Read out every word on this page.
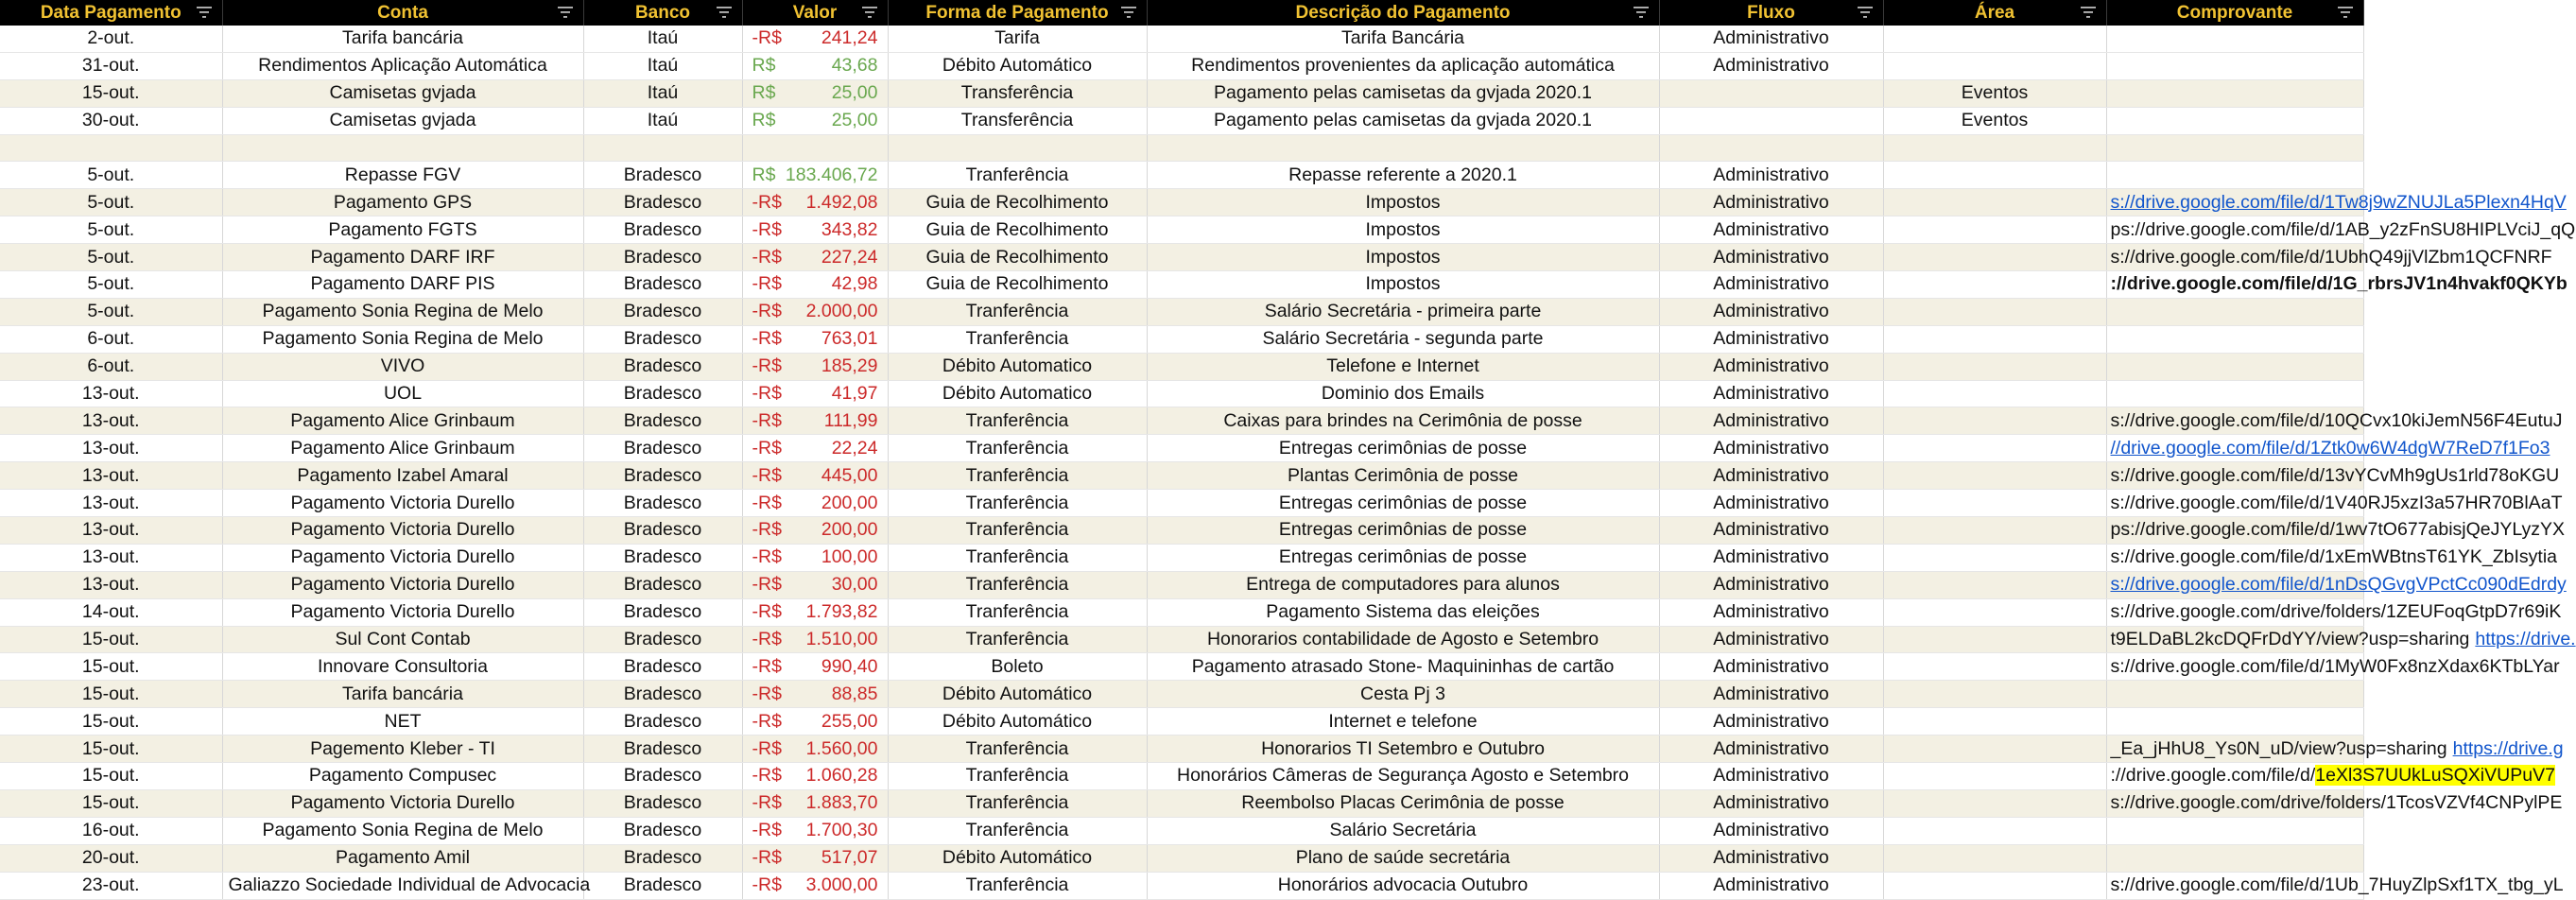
Data Pagamento	Conta	Banco	Valor	Forma de Pagamento	Descrição do Pagamento	Fluxo	Área	Comprovante

2-out.	Tarifa bancária	Itaú	-R$ 241,24	Tarifa	Tarifa Bancária	Administrativo		
31-out.	Rendimentos Aplicação Automática	Itaú	R$ 43,68	Débito Automático	Rendimentos provenientes da aplicação automática	Administrativo		
15-out.	Camisetas gvjada	Itaú	R$ 25,00	Transferência	Pagamento pelas camisetas da gvjada 2020.1		Eventos	
30-out.	Camisetas gvjada	Itaú	R$ 25,00	Transferência	Pagamento pelas camisetas da gvjada 2020.1		Eventos	

5-out.	Repasse FGV	Bradesco	R$ 183.406,72	Tranferência	Repasse referente a 2020.1	Administrativo		
5-out.	Pagamento GPS	Bradesco	-R$ 1.492,08	Guia de Recolhimento	Impostos	Administrativo		s://drive.google.com/file/d/1Tw8j9wZNUJLa5Plexn4HqV
5-out.	Pagamento FGTS	Bradesco	-R$ 343,82	Guia de Recolhimento	Impostos	Administrativo		ps://drive.google.com/file/d/1AB_y2zFnSU8HIPLVciJ_qQ
5-out.	Pagamento DARF IRF	Bradesco	-R$ 227,24	Guia de Recolhimento	Impostos	Administrativo		s://drive.google.com/file/d/1UbhQ49jjVlZbm1QCFNRF
5-out.	Pagamento DARF PIS	Bradesco	-R$ 42,98	Guia de Recolhimento	Impostos	Administrativo		://drive.google.com/file/d/1G_rbrsJV1n4hvakf0QKYb
5-out.	Pagamento Sonia Regina de Melo	Bradesco	-R$ 2.000,00	Tranferência	Salário Secretária - primeira parte	Administrativo		
6-out.	Pagamento Sonia Regina de Melo	Bradesco	-R$ 763,01	Tranferência	Salário Secretária - segunda parte	Administrativo		
6-out.	VIVO	Bradesco	-R$ 185,29	Débito Automatico	Telefone e Internet	Administrativo		
13-out.	UOL	Bradesco	-R$ 41,97	Débito Automatico	Dominio dos Emails	Administrativo		
13-out.	Pagamento Alice Grinbaum	Bradesco	-R$ 111,99	Tranferência	Caixas para brindes na Cerimônia de posse	Administrativo		s://drive.google.com/file/d/10QCvx10kiJemN56F4EutuJ
13-out.	Pagamento Alice Grinbaum	Bradesco	-R$ 22,24	Tranferência	Entregas cerimônias de posse	Administrativo		//drive.google.com/file/d/1Ztk0w6W4dgW7ReD7f1Fo3
13-out.	Pagamento Izabel Amaral	Bradesco	-R$ 445,00	Tranferência	Plantas Cerimônia de posse	Administrativo		s://drive.google.com/file/d/13vYCvMh9gUs1rld78oKGU
13-out.	Pagamento Victoria Durello	Bradesco	-R$ 200,00	Tranferência	Entregas cerimônias de posse	Administrativo		s://drive.google.com/file/d/1V40RJ5xzI3a57HR70BlAaT
13-out.	Pagamento Victoria Durello	Bradesco	-R$ 200,00	Tranferência	Entregas cerimônias de posse	Administrativo		ps://drive.google.com/file/d/1wv7tO677abisjQeJYLyzYX
13-out.	Pagamento Victoria Durello	Bradesco	-R$ 100,00	Tranferência	Entregas cerimônias de posse	Administrativo		s://drive.google.com/file/d/1xEmWBtnsT61YK_ZbIsytia
13-out.	Pagamento Victoria Durello	Bradesco	-R$ 30,00	Tranferência	Entrega de computadores para alunos	Administrativo		s://drive.google.com/file/d/1nDsQGvgVPctCc090dEdrdy
14-out.	Pagamento Victoria Durello	Bradesco	-R$ 1.793,82	Tranferência	Pagamento Sistema das eleições	Administrativo		s://drive.google.com/drive/folders/1ZEUFoqGtpD7r69iK
15-out.	Sul Cont Contab	Bradesco	-R$ 1.510,00	Tranferência	Honorarios contabilidade de Agosto e Setembro	Administrativo		t9ELDaBL2kcDQFrDdYY/view?usp=sharing https://drive.
15-out.	Innovare Consultoria	Bradesco	-R$ 990,40	Boleto	Pagamento atrasado Stone- Maquininhas de cartão	Administrativo		s://drive.google.com/file/d/1MyW0Fx8nzXdax6KTbLYar
15-out.	Tarifa bancária	Bradesco	-R$ 88,85	Débito Automático	Cesta Pj 3	Administrativo		
15-out.	NET	Bradesco	-R$ 255,00	Débito Automático	Internet e telefone	Administrativo		
15-out.	Pagemento Kleber - TI	Bradesco	-R$ 1.560,00	Tranferência	Honorarios TI Setembro e Outubro	Administrativo		_Ea_jHhU8_Ys0N_uD/view?usp=sharing https://drive.g
15-out.	Pagamento Compusec	Bradesco	-R$ 1.060,28	Tranferência	Honorários Câmeras de Segurança Agosto e Setembro	Administrativo		://drive.google.com/file/d/1eXl3S7UUkLuSQXiVUPuV7
15-out.	Pagamento Victoria Durello	Bradesco	-R$ 1.883,70	Tranferência	Reembolso Placas Cerimônia de posse	Administrativo		s://drive.google.com/drive/folders/1TcosVZVf4CNPylPE
16-out.	Pagamento Sonia Regina de Melo	Bradesco	-R$ 1.700,30	Tranferência	Salário Secretária	Administrativo		
20-out.	Pagamento Amil	Bradesco	-R$ 517,07	Débito Automático	Plano de saúde secretária	Administrativo		
23-out.	Galiazzo Sociedade Individual de Advocacia	Bradesco	-R$ 3.000,00	Tranferência	Honorários advocacia Outubro	Administrativo		s://drive.google.com/file/d/1Ub_7HuyZlpSxf1TX_tbg_yL
